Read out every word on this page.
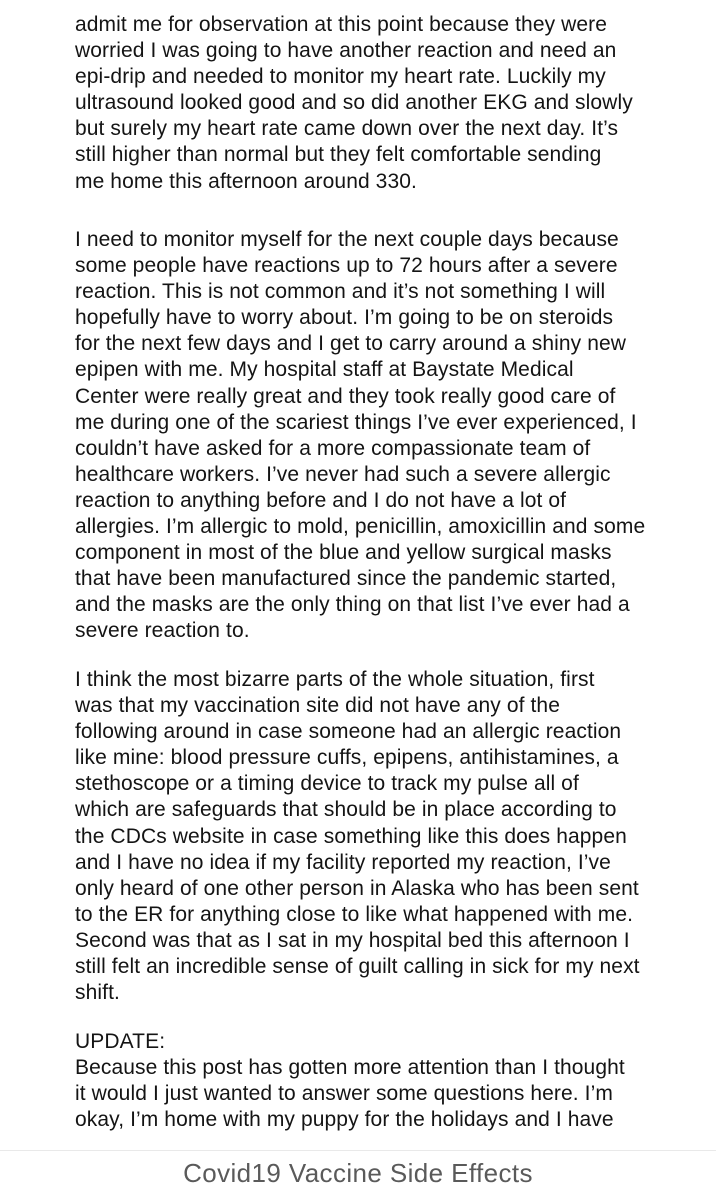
admit me for observation at this point because they were
worried I was going to have another reaction and need an
epi-drip and needed to monitor my heart rate. Luckily my
ultrasound looked good and so did another EKG and slowly
but surely my heart rate came down over the next day. It’s
still higher than normal but they felt comfortable sending
me home this afternoon around 330.

I need to monitor myself for the next couple days because
some people have reactions up to 72 hours after a severe
reaction. This is not common and it’s not something I will
hopefully have to worry about. I’m going to be on steroids
for the next few days and I get to carry around a shiny new
epipen with me. My hospital staff at Baystate Medical
Center were really great and they took really good care of
me during one of the scariest things I’ve ever experienced, I
couldn’t have asked for a more compassionate team of
healthcare workers. I’ve never had such a severe allergic
reaction to anything before and I do not have a lot of
allergies. I’m allergic to mold, penicillin, amoxicillin and some
component in most of the blue and yellow surgical masks
that have been manufactured since the pandemic started,
and the masks are the only thing on that list I’ve ever had a
severe reaction to.

I think the most bizarre parts of the whole situation, first
was that my vaccination site did not have any of the
following around in case someone had an allergic reaction
like mine: blood pressure cuffs, epipens, antihistamines, a
stethoscope or a timing device to track my pulse all of
which are safeguards that should be in place according to
the CDCs website in case something like this does happen
and I have no idea if my facility reported my reaction, I’ve
only heard of one other person in Alaska who has been sent
to the ER for anything close to like what happened with me.
Second was that as I sat in my hospital bed this afternoon I
still felt an incredible sense of guilt calling in sick for my next
shift.

UPDATE:
Because this post has gotten more attention than I thought
it would I just wanted to answer some questions here. I’m
okay, I’m home with my puppy for the holidays and I have

Covid19 Vaccine Side Effects
